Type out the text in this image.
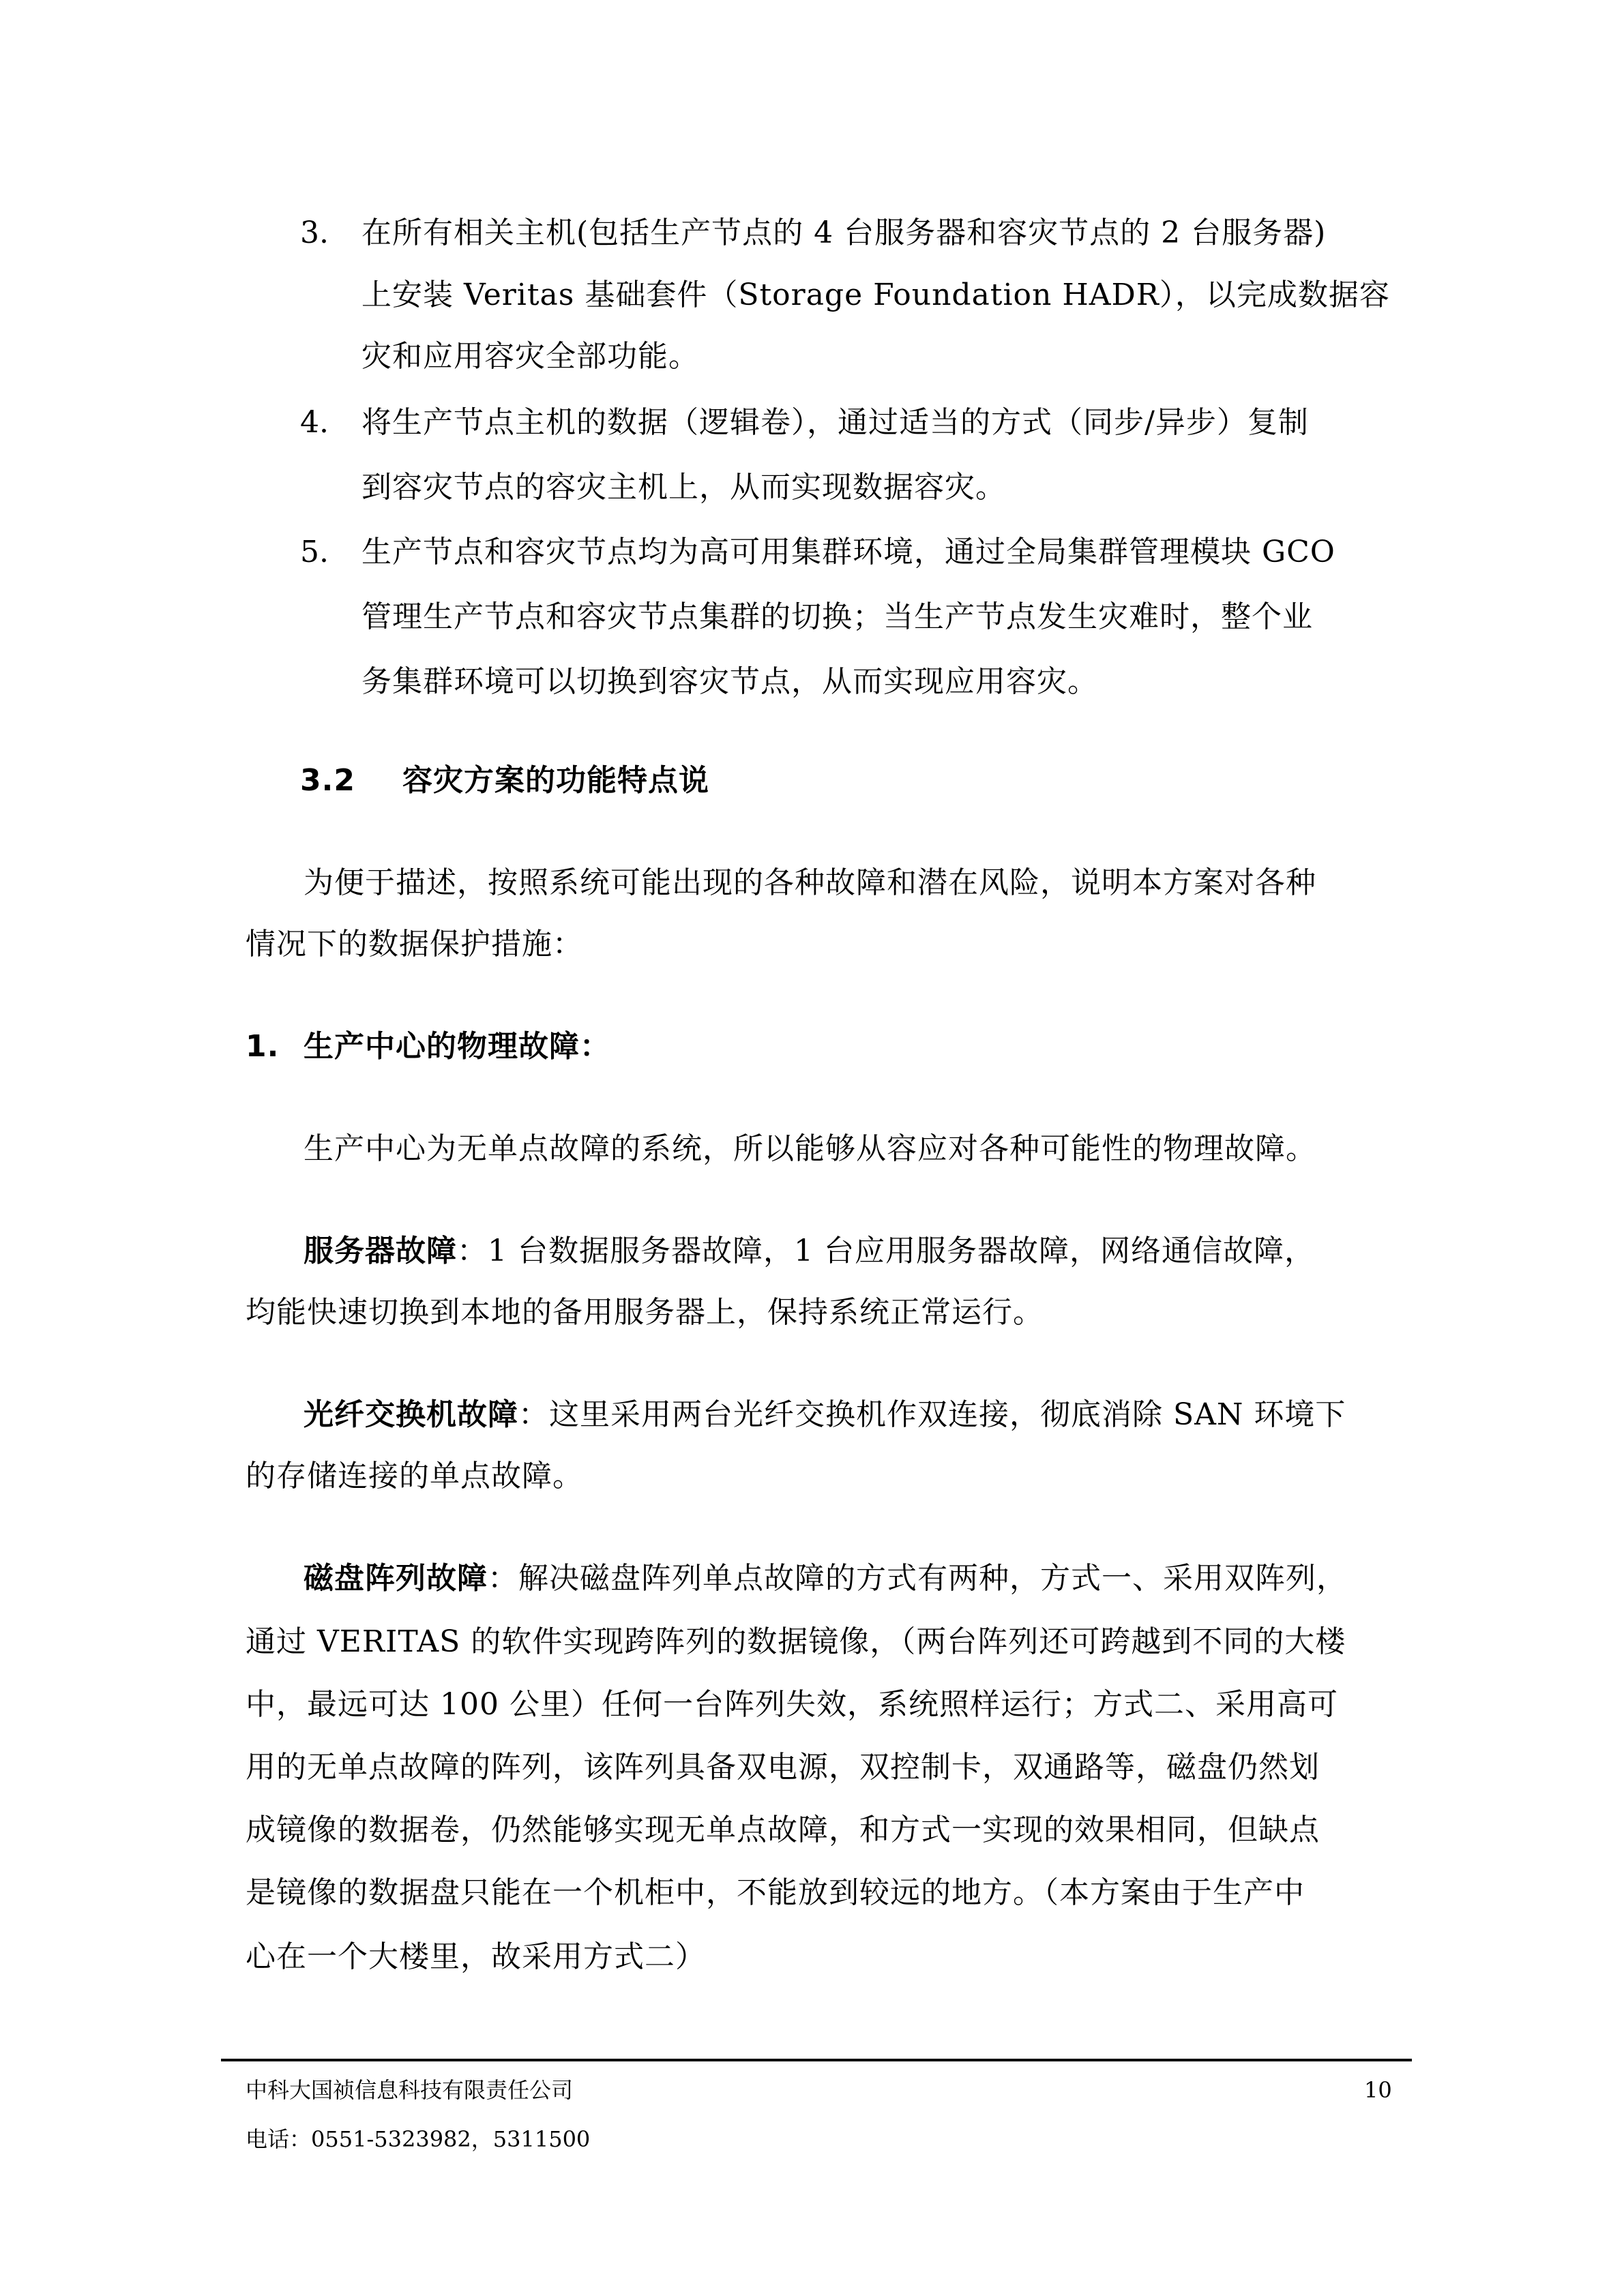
3. 在所有相关主机(包括生产节点的 4 台服务器和容灾节点的 2 台服务器)
上安装 Veritas 基础套件（Storage Foundation HADR），以完成数据容
灾和应用容灾全部功能。
4. 将生产节点主机的数据（逻辑卷），通过适当的方式（同步/异步）复制
到容灾节点的容灾主机上，从而实现数据容灾。
5. 生产节点和容灾节点均为高可用集群环境，通过全局集群管理模块 GCO
管理生产节点和容灾节点集群的切换；当生产节点发生灾难时，整个业
务集群环境可以切换到容灾节点，从而实现应用容灾。
3.2 容灾方案的功能特点说
为便于描述，按照系统可能出现的各种故障和潜在风险，说明本方案对各种
情况下的数据保护措施：
1. 生产中心的物理故障：
生产中心为无单点故障的系统，所以能够从容应对各种可能性的物理故障。
服务器故障：1 台数据服务器故障，1 台应用服务器故障，网络通信故障，
均能快速切换到本地的备用服务器上，保持系统正常运行。
光纤交换机故障：这里采用两台光纤交换机作双连接，彻底消除 SAN 环境下
的存储连接的单点故障。
磁盘阵列故障：解决磁盘阵列单点故障的方式有两种，方式一、采用双阵列，
通过 VERITAS 的软件实现跨阵列的数据镜像，（两台阵列还可跨越到不同的大楼
中，最远可达 100 公里）任何一台阵列失效，系统照样运行；方式二、采用高可
用的无单点故障的阵列，该阵列具备双电源，双控制卡，双通路等，磁盘仍然划
成镜像的数据卷，仍然能够实现无单点故障，和方式一实现的效果相同，但缺点
是镜像的数据盘只能在一个机柜中，不能放到较远的地方。（本方案由于生产中
心在一个大楼里，故采用方式二）
中科大国祯信息科技有限责任公司	10
电话：0551-5323982，5311500
